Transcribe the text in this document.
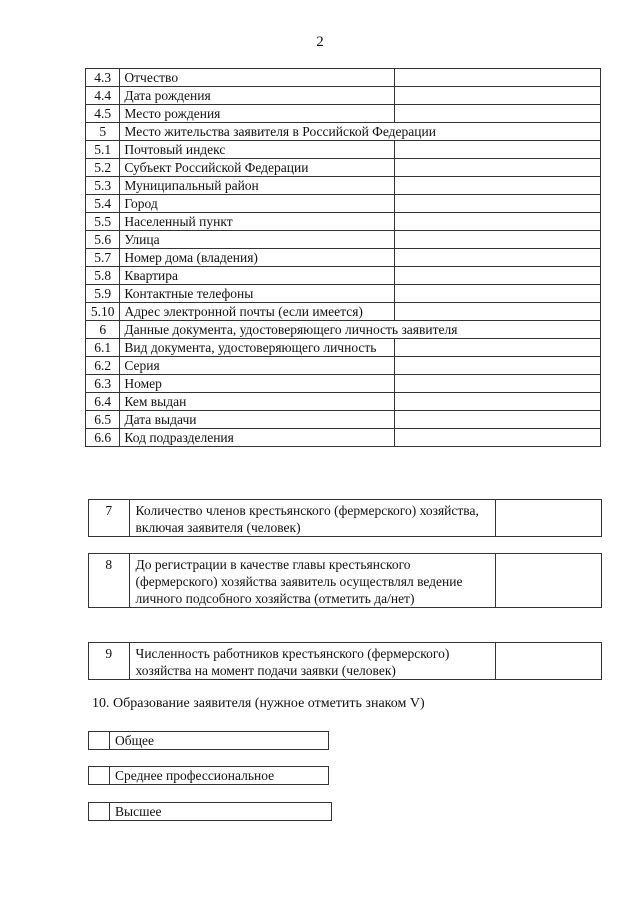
2
4.3	Отчество	
4.4	Дата рождения	
4.5	Место рождения	
5	Место жительства заявителя в Российской Федерации	
5.1	Почтовый индекс	
5.2	Субъект Российской Федерации	
5.3	Муниципальный район	
5.4	Город	
5.5	Населенный пункт	
5.6	Улица	
5.7	Номер дома (владения)	
5.8	Квартира	
5.9	Контактные телефоны	
5.10	Адрес электронной почты (если имеется)	
6	Данные документа, удостоверяющего личность заявителя	
6.1	Вид документа, удостоверяющего личность	
6.2	Серия	
6.3	Номер	
6.4	Кем выдан	
6.5	Дата выдачи	
6.6	Код подразделения	
7	Количество членов крестьянского (фермерского) хозяйства, включая заявителя (человек)	
8	До регистрации в качестве главы крестьянского (фермерского) хозяйства заявитель осуществлял ведение личного подсобного хозяйства (отметить да/нет)	
9	Численность работников крестьянского (фермерского) хозяйства на момент подачи заявки (человек)	
10. Образование заявителя (нужное отметить знаком V)
	Общее
	Среднее профессиональное
	Высшее
